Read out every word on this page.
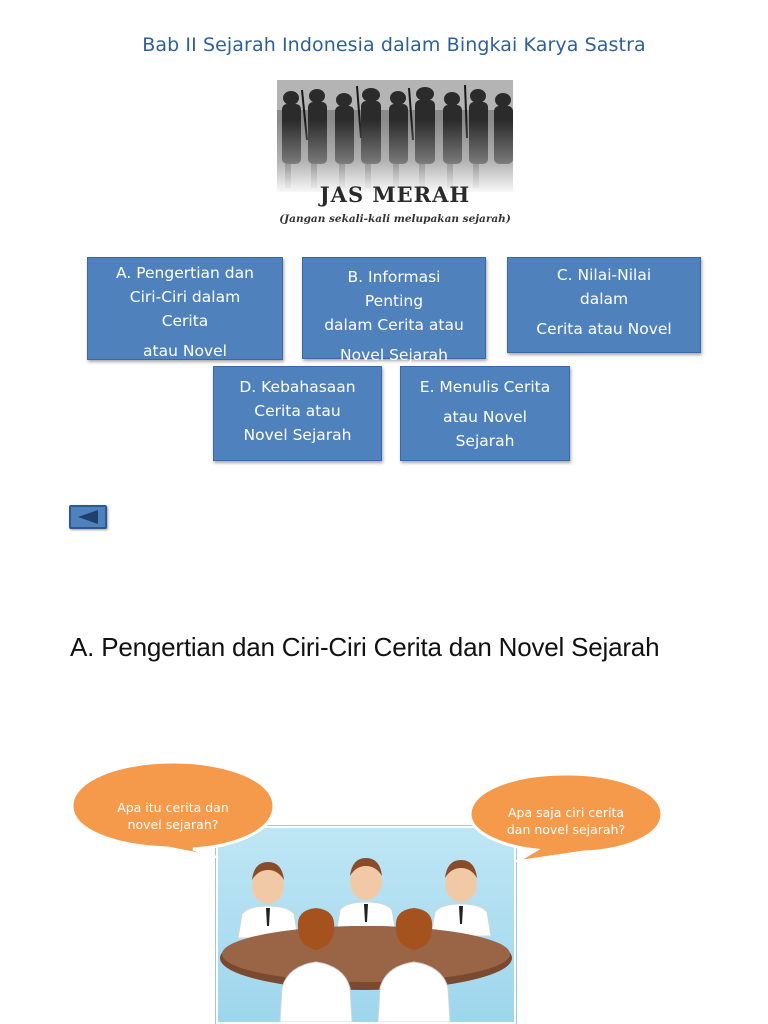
Bab II Sejarah Indonesia dalam Bingkai Karya Sastra
JAS MERAH
(Jangan sekali-kali melupakan sejarah)
A. Pengertian dan
Ciri-Ciri dalam
Cerita
atau Novel
B. Informasi
Penting
dalam Cerita atau
Novel Sejarah
C. Nilai-Nilai
dalam
Cerita atau Novel
D. Kebahasaan
Cerita atau
Novel Sejarah
E. Menulis Cerita
atau Novel
Sejarah
A. Pengertian dan Ciri-Ciri Cerita dan Novel Sejarah
Apa itu cerita dan
novel sejarah?
Apa saja ciri cerita
dan novel sejarah?
